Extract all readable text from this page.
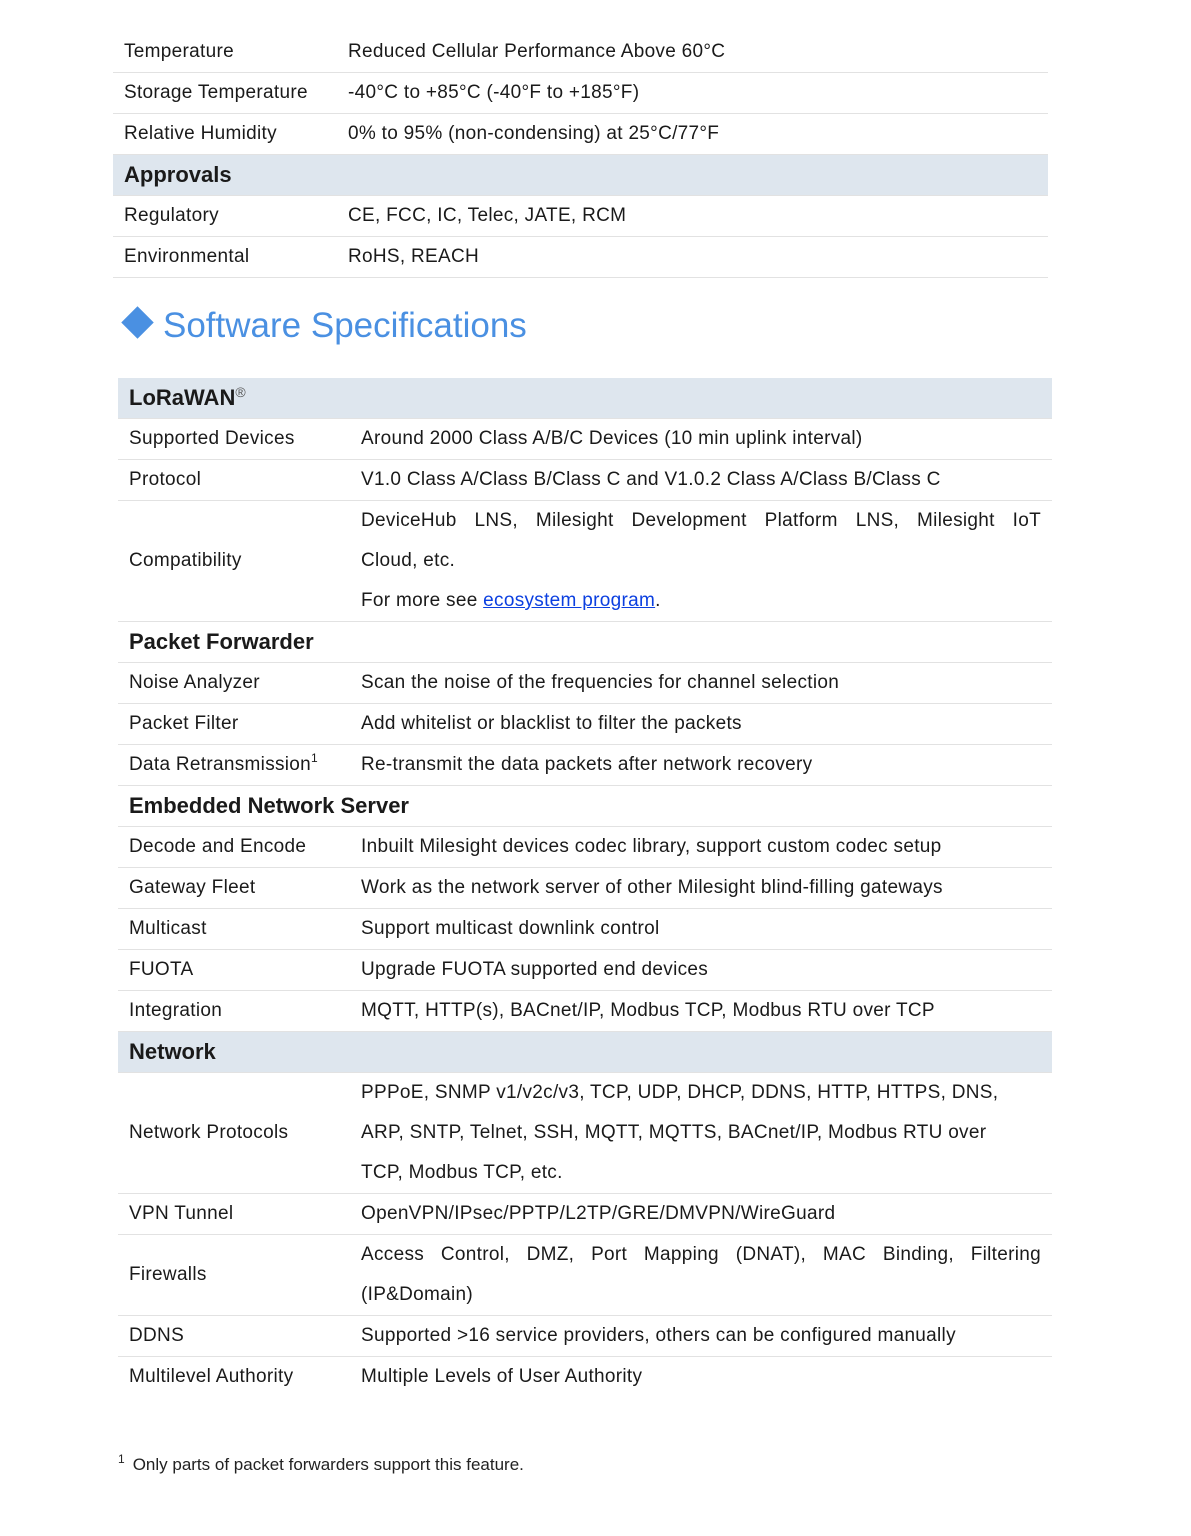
Temperature	Reduced Cellular Performance Above 60°C
Storage Temperature	-40°C to +85°C (-40°F to +185°F)
Relative Humidity	0% to 95% (non-condensing) at 25°C/77°F
Approvals	
Regulatory	CE, FCC, IC, Telec, JATE, RCM
Environmental	RoHS, REACH
Software Specifications
LoRaWAN®
Supported Devices	Around 2000 Class A/B/C Devices (10 min uplink interval)
Protocol	V1.0 Class A/Class B/Class C and V1.0.2 Class A/Class B/Class C
Compatibility	DeviceHub LNS, Milesight Development Platform LNS, Milesight IoT
Cloud, etc.
For more see ecosystem program.

Packet Forwarder	
Noise Analyzer	Scan the noise of the frequencies for channel selection
Packet Filter	Add whitelist or blacklist to filter the packets
Data Retransmission$^1$	Re-transmit the data packets after network recovery
Embedded Network Server	
Decode and Encode	Inbuilt Milesight devices codec library, support custom codec setup
Gateway Fleet	Work as the network server of other Milesight blind-filling gateways
Multicast	Support multicast downlink control
FUOTA	Upgrade FUOTA supported end devices
Integration	MQTT, HTTP(s), BACnet/IP, Modbus TCP, Modbus RTU over TCP
Network	
Network Protocols	PPPoE, SNMP v1/v2c/v3, TCP, UDP, DHCP, DDNS, HTTP, HTTPS, DNS,
ARP, SNTP, Telnet, SSH, MQTT, MQTTS, BACnet/IP, Modbus RTU over
TCP, Modbus TCP, etc.

VPN Tunnel	OpenVPN/IPsec/PPTP/L2TP/GRE/DMVPN/WireGuard
Firewalls	Access Control, DMZ, Port Mapping (DNAT), MAC Binding, Filtering
(IP&Domain)

DDNS	Supported >16 service providers, others can be configured manually
Multilevel Authority	Multiple Levels of User Authority
$^1$ Only parts of packet forwarders support this feature.
